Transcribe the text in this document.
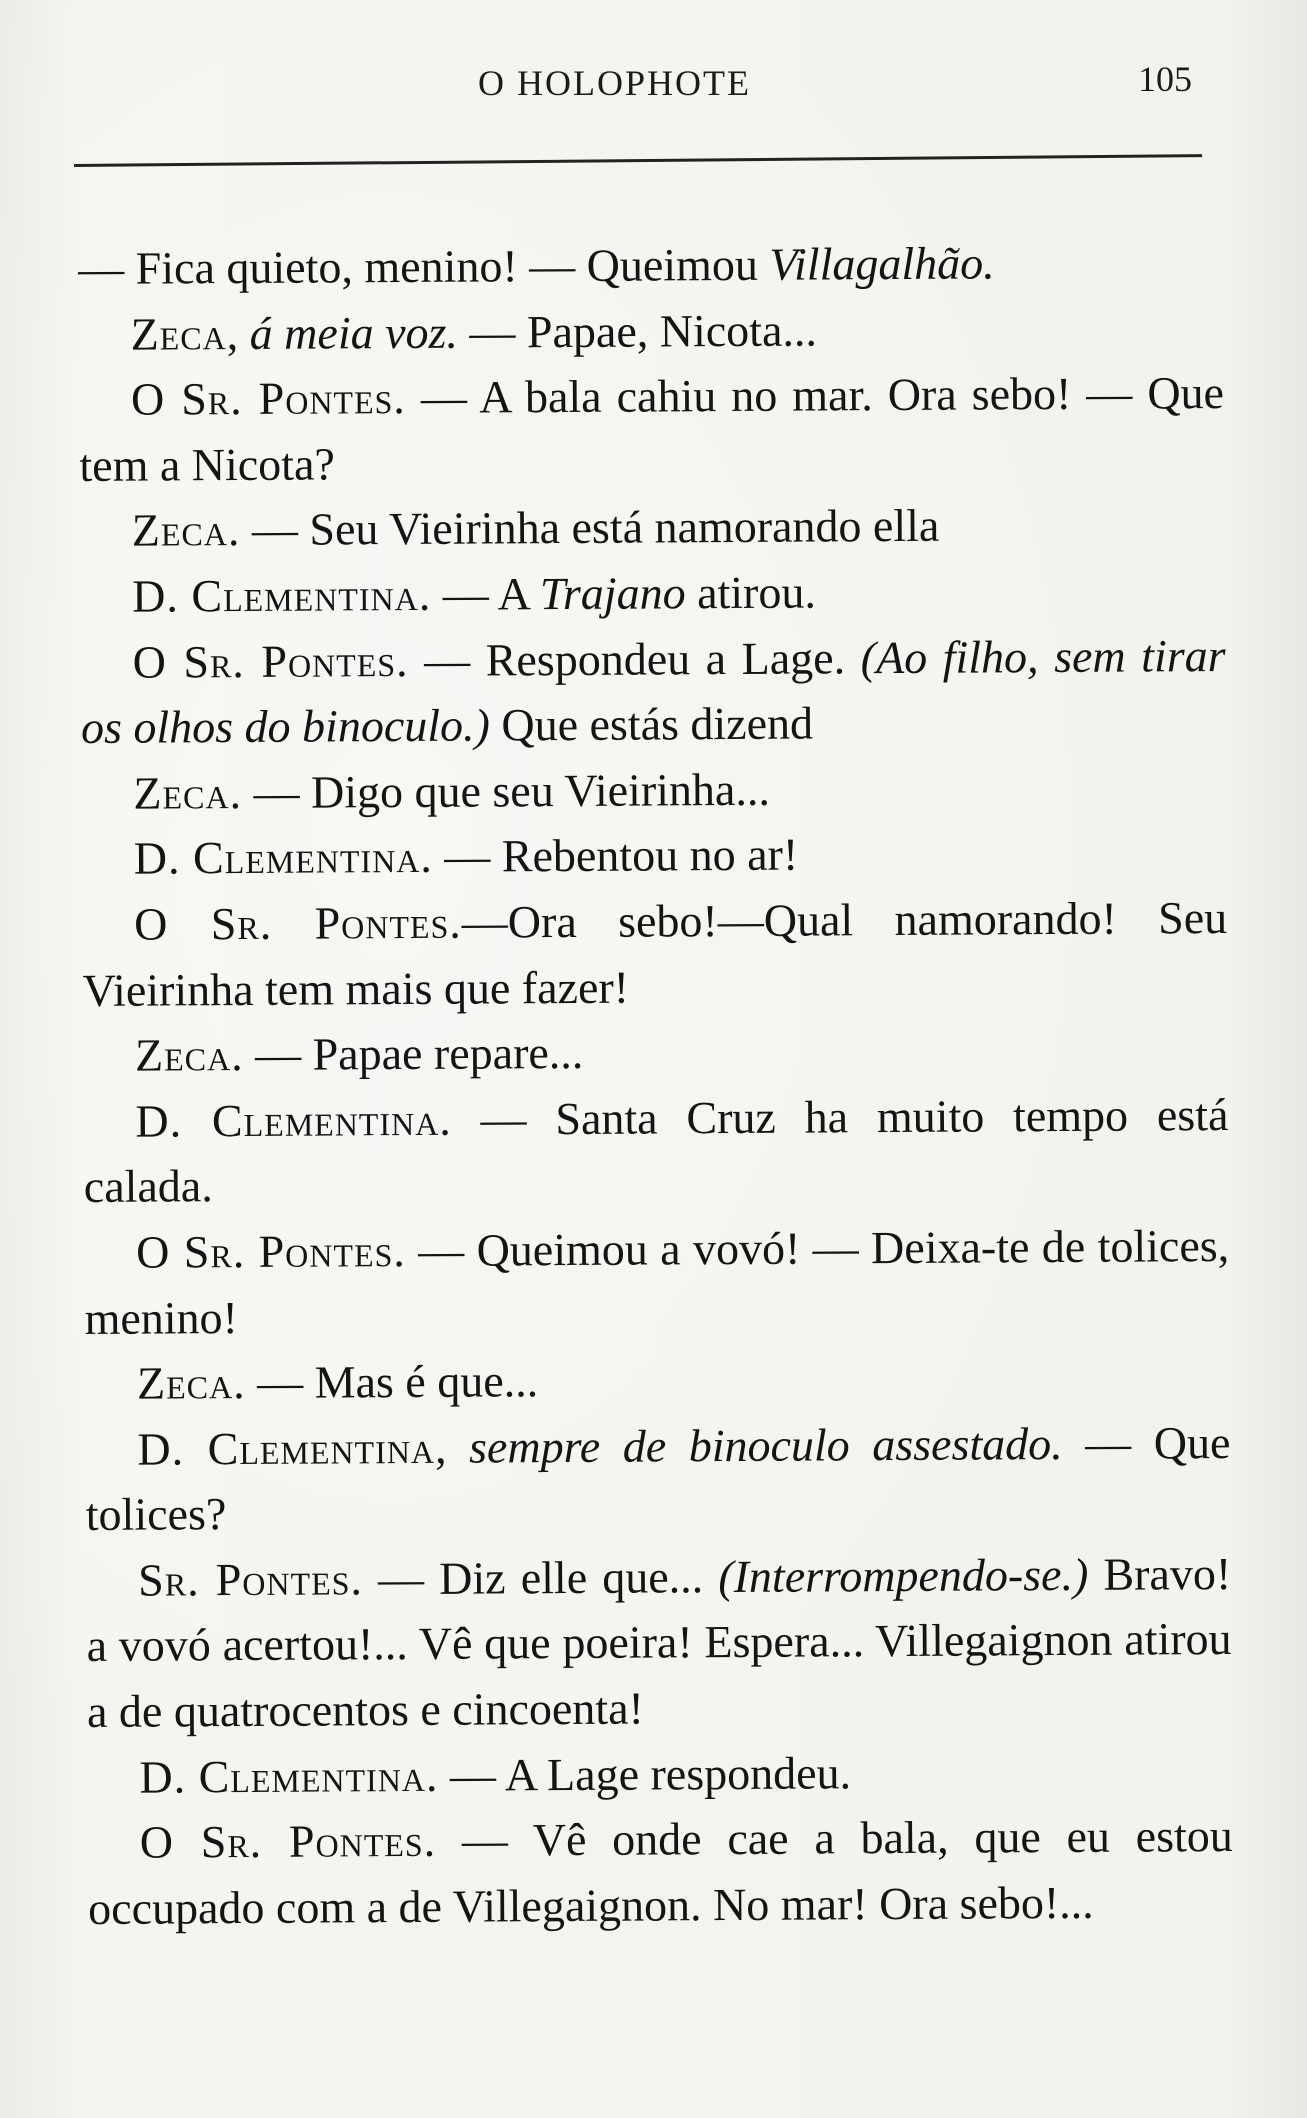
O HOLOPHOTE	105

— Fica quieto, menino! — Queimou Villagalhão.

Zeca, á meia voz. — Papae, Nicota...

O Sr. Pontes. — A bala cahiu no mar. Ora sebo! — Que tem a Nicota?

Zeca. — Seu Vieirinha está namorando ella

D. Clementina. — A Trajano atirou.

O Sr. Pontes. — Respondeu a Lage. (Ao filho, sem tirar os olhos do binoculo.) Que estás dizend

Zeca. — Digo que seu Vieirinha...

D. Clementina. — Rebentou no ar!

O Sr. Pontes.—Ora sebo!—Qual namorando! Seu Vieirinha tem mais que fazer!

Zeca. — Papae repare...

D. Clementina. — Santa Cruz ha muito tempo está calada.

O Sr. Pontes. — Queimou a vovó! — Deixa-te de tolices, menino!

Zeca. — Mas é que...

D. Clementina, sempre de binoculo assestado. — Que tolices?

Sr. Pontes. — Diz elle que... (Interrompendo-se.) Bravo! a vovó acertou!... Vê que poeira! Espera... Villegaignon atirou a de quatrocentos e cincoenta!

D. Clementina. — A Lage respondeu.

O Sr. Pontes. — Vê onde cae a bala, que eu estou occupado com a de Villegaignon. No mar! Ora sebo!...
